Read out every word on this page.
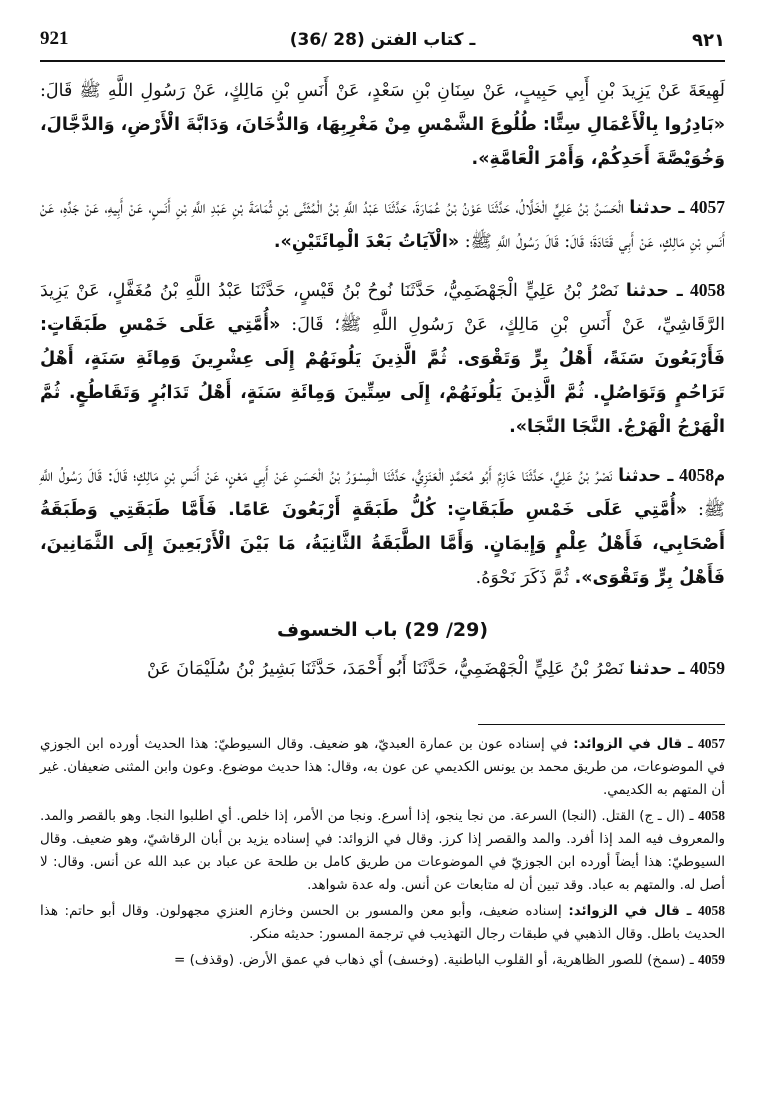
921	(36/ 28) ـ كتاب الفتن	٩٢١

لَهِيعَةَ عَنْ يَزِيدَ بْنِ أَبِي حَبِيبٍ، عَنْ سِنَانِ بْنِ سَعْدٍ، عَنْ أَنَسِ بْنِ مَالِكٍ، عَنْ رَسُولِ اللَّهِ ﷺ قَالَ: «بَادِرُوا بِالْأَعْمَالِ سِتًّا: طُلُوعَ الشَّمْسِ مِنْ مَغْرِبِهَا، وَالدُّخَانَ، وَدَابَّةَ الْأَرْضِ، وَالدَّجَّالَ، وَخُوَيْصَّةَ أَحَدِكُمْ، وَأَمْرَ الْعَامَّةِ».

4057 ـ حدثنا الْحَسَنُ بْنُ عَلِيٍّ الْخَلَّالُ، حَدَّثَنَا عَوْنُ بْنُ عُمَارَةَ، حَدَّثَنَا عَبْدُ اللَّهِ بْنُ الْمُثَنَّى بْنِ ثُمَامَةَ بْنِ عَبْدِ اللَّهِ بْنِ أَنَسٍ، عَنْ أَبِيهِ، عَنْ جَدِّهِ، عَنْ أَنَسِ بْنِ مَالِكٍ، عَنْ أَبِي قَتَادَةَ؛ قَالَ: قَالَ رَسُولُ اللَّهِ ﷺ: «الْآيَاتُ بَعْدَ الْمِائَتَيْنِ».

4058 ـ حدثنا نَصْرُ بْنُ عَلِيٍّ الْجَهْضَمِيُّ، حَدَّثَنَا نُوحُ بْنُ قَيْسٍ، حَدَّثَنَا عَبْدُ اللَّهِ بْنُ مُغَفَّلٍ، عَنْ يَزِيدَ الرَّقَاشِيِّ، عَنْ أَنَسِ بْنِ مَالِكٍ، عَنْ رَسُولِ اللَّهِ ﷺ؛ قَالَ: «أُمَّتِي عَلَى خَمْسِ طَبَقَاتٍ: فَأَرْبَعُونَ سَنَةً، أَهْلُ بِرٍّ وَتَقْوَى. ثُمَّ الَّذِينَ يَلُونَهُمْ إِلَى عِشْرِينَ وَمِائَةِ سَنَةٍ، أَهْلُ تَرَاحُمٍ وَتَوَاصُلٍ. ثُمَّ الَّذِينَ يَلُونَهُمْ، إِلَى سِتِّينَ وَمِائَةِ سَنَةٍ، أَهْلُ تَدَابُرٍ وَتَقَاطُعٍ. ثُمَّ الْهَرْجُ الْهَرْجُ. النَّجَا النَّجَا».

4058م ـ حدثنا نَصْرُ بْنُ عَلِيٍّ، حَدَّثَنَا خَازِمٌ أَبُو مُحَمَّدٍ الْعَنَزِيُّ، حَدَّثَنَا الْمِسْوَرُ بْنُ الْحَسَنِ عَنْ أَبِي مَعْنٍ، عَنْ أَنَسِ بْنِ مَالِكٍ؛ قَالَ: قَالَ رَسُولُ اللَّهِ ﷺ: «أُمَّتِي عَلَى خَمْسِ طَبَقَاتٍ: كُلُّ طَبَقَةٍ أَرْبَعُونَ عَامًا. فَأَمَّا طَبَقَتِي وَطَبَقَةُ أَصْحَابِي، فَأَهْلُ عِلْمٍ وَإِيمَانٍ. وَأَمَّا الطَّبَقَةُ الثَّانِيَةُ، مَا بَيْنَ الْأَرْبَعِينَ إِلَى الثَّمَانِينَ، فَأَهْلُ بِرٍّ وَتَقْوَى». ثُمَّ ذَكَرَ نَحْوَهُ.

(29/ 29) باب الخسوف

4059 ـ حدثنا نَصْرُ بْنُ عَلِيٍّ الْجَهْضَمِيُّ، حَدَّثَنَا أَبُو أَحْمَدَ، حَدَّثَنَا بَشِيرُ بْنُ سُلَيْمَانَ عَنْ

4057 ـ قال في الزوائد: في إسناده عون بن عمارة العبديّ، هو ضعيف. وقال السيوطيّ: هذا الحديث أورده ابن الجوزي في الموضوعات، من طريق محمد بن يونس الكديمي عن عون به، وقال: هذا حديث موضوع. وعون وابن المثنى ضعيفان. غير أن المتهم به الكديمي.

4058 ـ (ال ـ ج) القتل. (النجا) السرعة. من نجا ينجو، إذا أسرع. ونجا من الأمر، إذا خلص. أي اطلبوا النجا. وهو بالقصر والمد. والمعروف فيه المد إذا أفرد. والمد والقصر إذا كرز. وقال في الزوائد: في إسناده يزيد بن أبان الرقاشيّ، وهو ضعيف. وقال السيوطيّ: هذا أيضاً أورده ابن الجوزيّ في الموضوعات من طريق كامل بن طلحة عن عباد بن عبد الله عن أنس. وقال: لا أصل له. والمتهم به عباد. وقد تبين أن له متابعات عن أنس. وله عدة شواهد.

4058 ـ قال في الزوائد: إسناده ضعيف، وأبو معن والمسور بن الحسن وخازم العنزي مجهولون. وقال أبو حاتم: هذا الحديث باطل. وقال الذهبي في طبقات رجال التهذيب في ترجمة المسور: حديثه منكر.

4059 ـ (سمخ) للصور الظاهرية، أو القلوب الباطنية. (وخسف) أي ذهاب في عمق الأرض. (وقذف) =
